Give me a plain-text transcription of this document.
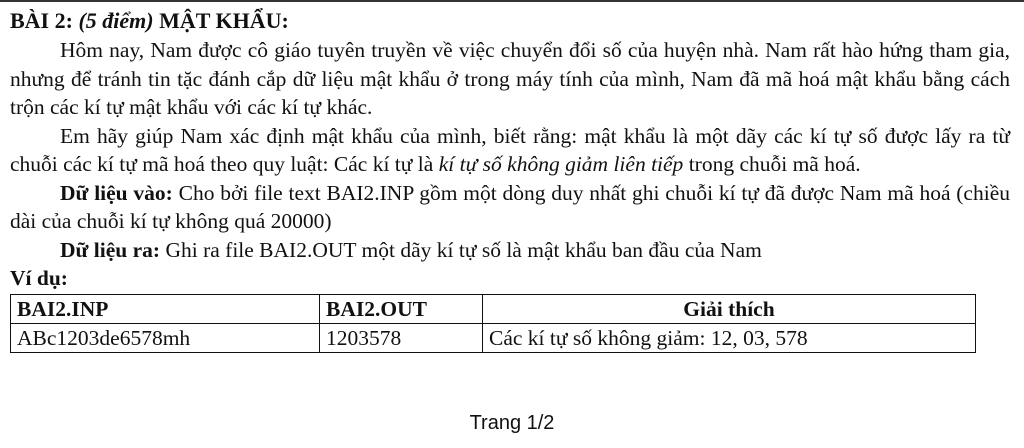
BÀI 2: (5 điểm) MẬT KHẨU:

Hôm nay, Nam được cô giáo tuyên truyền về việc chuyển đổi số của huyện nhà. Nam rất hào hứng tham gia, nhưng để tránh tin tặc đánh cắp dữ liệu mật khẩu ở trong máy tính của mình, Nam đã mã hoá mật khẩu bằng cách trộn các kí tự mật khẩu với các kí tự khác.

Em hãy giúp Nam xác định mật khẩu của mình, biết rằng: mật khẩu là một dãy các kí tự số được lấy ra từ chuỗi các kí tự mã hoá theo quy luật: Các kí tự là kí tự số không giảm liên tiếp trong chuỗi mã hoá.

Dữ liệu vào: Cho bởi file text BAI2.INP gồm một dòng duy nhất ghi chuỗi kí tự đã được Nam mã hoá (chiều dài của chuỗi kí tự không quá 20000)

Dữ liệu ra: Ghi ra file BAI2.OUT một dãy kí tự số là mật khẩu ban đầu của Nam

Ví dụ:
BAI2.INP	BAI2.OUT	Giải thích
ABc1203de6578mh	1203578	Các kí tự số không giảm: 12, 03, 578
Trang 1/2
